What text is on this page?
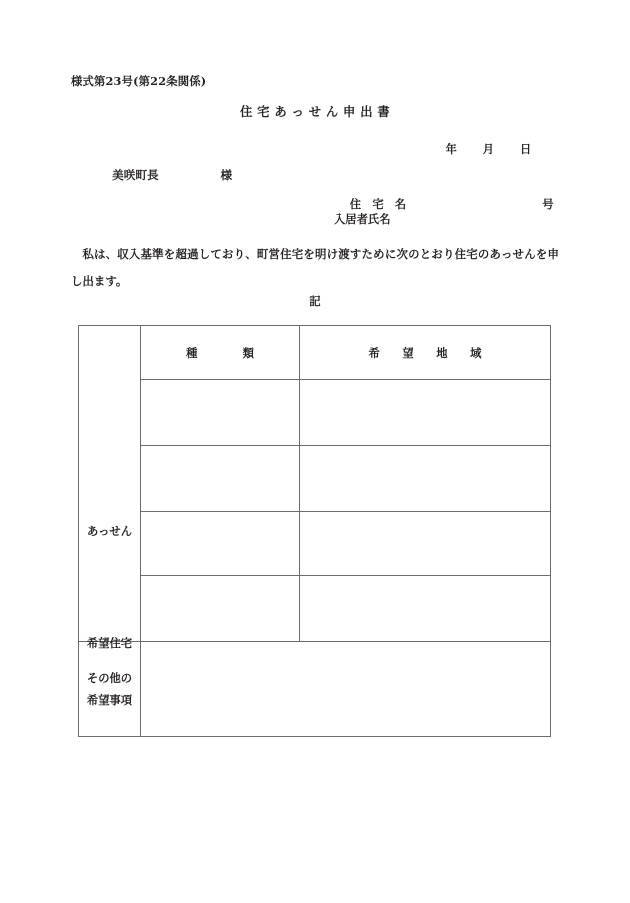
様式第23号(第22条関係)
住 宅 あ っ せ ん 申 出 書

年 月 日

美咲町長	様

住　宅　名	号

入居者氏名
私は、収入基準を超過しており、町営住宅を明け渡すために次のとおり住宅のあっせんを申し出ます。
記
あっせん
希望住宅	種　　　　類	希　　望　　地　　域

その他の
希望事項		
